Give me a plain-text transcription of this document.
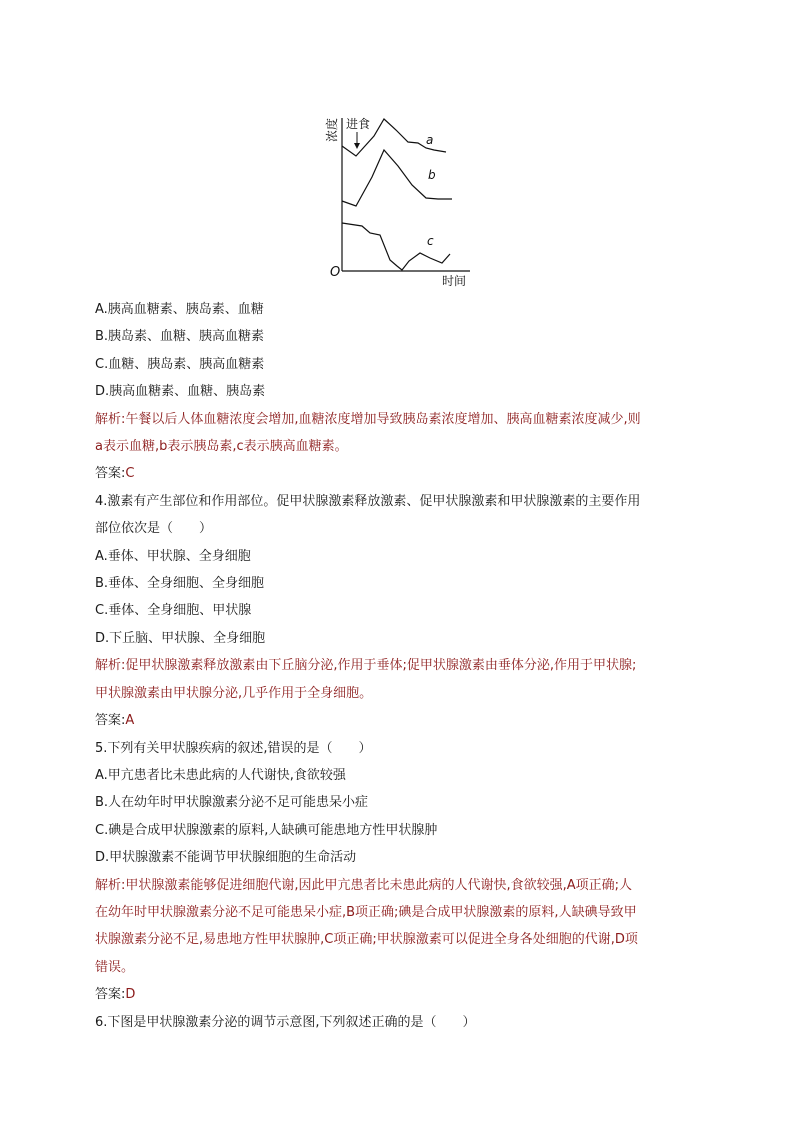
浓度
时间
O
进食
a
b
c
A.胰高血糖素、胰岛素、血糖
B.胰岛素、血糖、胰高血糖素
C.血糖、胰岛素、胰高血糖素
D.胰高血糖素、血糖、胰岛素
解析:午餐以后人体血糖浓度会增加,血糖浓度增加导致胰岛素浓度增加、胰高血糖素浓度减少,则
a表示血糖,b表示胰岛素,c表示胰高血糖素。
答案:C
4.激素有产生部位和作用部位。促甲状腺激素释放激素、促甲状腺激素和甲状腺激素的主要作用
部位依次是（　　）
A.垂体、甲状腺、全身细胞
B.垂体、全身细胞、全身细胞
C.垂体、全身细胞、甲状腺
D.下丘脑、甲状腺、全身细胞
解析:促甲状腺激素释放激素由下丘脑分泌,作用于垂体;促甲状腺激素由垂体分泌,作用于甲状腺;
甲状腺激素由甲状腺分泌,几乎作用于全身细胞。
答案:A
5.下列有关甲状腺疾病的叙述,错误的是（　　）
A.甲亢患者比未患此病的人代谢快,食欲较强
B.人在幼年时甲状腺激素分泌不足可能患呆小症
C.碘是合成甲状腺激素的原料,人缺碘可能患地方性甲状腺肿
D.甲状腺激素不能调节甲状腺细胞的生命活动
解析:甲状腺激素能够促进细胞代谢,因此甲亢患者比未患此病的人代谢快,食欲较强,A项正确;人
在幼年时甲状腺激素分泌不足可能患呆小症,B项正确;碘是合成甲状腺激素的原料,人缺碘导致甲
状腺激素分泌不足,易患地方性甲状腺肿,C项正确;甲状腺激素可以促进全身各处细胞的代谢,D项
错误。
答案:D
6.下图是甲状腺激素分泌的调节示意图,下列叙述正确的是（　　）
